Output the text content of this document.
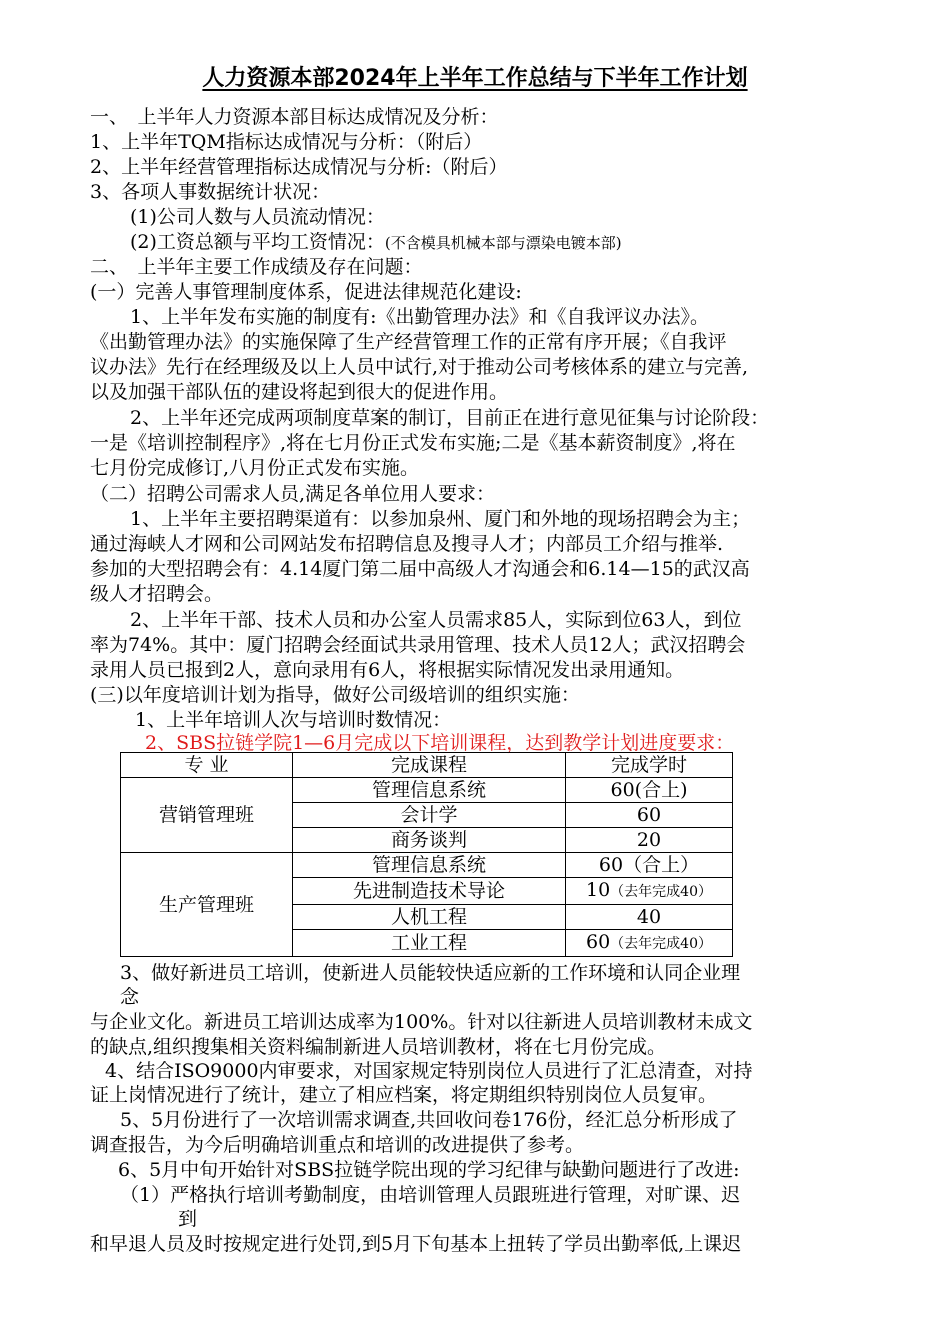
人力资源本部2024年上半年工作总结与下半年工作计划
一、　上半年人力资源本部目标达成情况及分析：
1、上半年TQM指标达成情况与分析：（附后）
2、上半年经营管理指标达成情况与分析:（附后）
3、各项人事数据统计状况：
(1)公司人数与人员流动情况：
(2)工资总额与平均工资情况：(不含模具机械本部与漂染电镀本部)
二、　上半年主要工作成绩及存在问题：
(一）完善人事管理制度体系，促进法律规范化建设:
1、上半年发布实施的制度有:《出勤管理办法》和《自我评议办法》。
《出勤管理办法》的实施保障了生产经营管理工作的正常有序开展；《自我评
议办法》先行在经理级及以上人员中试行,对于推动公司考核体系的建立与完善,
以及加强干部队伍的建设将起到很大的促进作用。
2、上半年还完成两项制度草案的制订，目前正在进行意见征集与讨论阶段：
一是《培训控制程序》,将在七月份正式发布实施;二是《基本薪资制度》,将在
七月份完成修订,八月份正式发布实施。
（二）招聘公司需求人员,满足各单位用人要求：
1、上半年主要招聘渠道有：以参加泉州、厦门和外地的现场招聘会为主；
通过海峡人才网和公司网站发布招聘信息及搜寻人才；内部员工介绍与推举.
参加的大型招聘会有：4.14厦门第二届中高级人才沟通会和6.14—15的武汉高
级人才招聘会。
2、上半年干部、技术人员和办公室人员需求85人，实际到位63人，到位
率为74%。其中：厦门招聘会经面试共录用管理、技术人员12人；武汉招聘会
录用人员已报到2人，意向录用有6人，将根据实际情况发出录用通知。
(三)以年度培训计划为指导，做好公司级培训的组织实施：
1、上半年培训人次与培训时数情况：
2、SBS拉链学院1—6月完成以下培训课程，达到教学计划进度要求：
专 业	完成课程	完成学时
营销管理班	管理信息系统	60(合上)
	会计学	60
	商务谈判	20
生产管理班	管理信息系统	60（合上）
	先进制造技术导论	10（去年完成40）
	人机工程	40
	工业工程	60（去年完成40）
3、做好新进员工培训，使新进人员能较快适应新的工作环境和认同企业理
念
与企业文化。新进员工培训达成率为100%。针对以往新进人员培训教材未成文
的缺点,组织搜集相关资料编制新进人员培训教材，将在七月份完成。
4、结合ISO9000内审要求，对国家规定特别岗位人员进行了汇总清查，对持
证上岗情况进行了统计，建立了相应档案，将定期组织特别岗位人员复审。
5、5月份进行了一次培训需求调查,共回收问卷176份，经汇总分析形成了
调查报告，为今后明确培训重点和培训的改进提供了参考。
6、5月中旬开始针对SBS拉链学院出现的学习纪律与缺勤问题进行了改进:
（1）严格执行培训考勤制度，由培训管理人员跟班进行管理，对旷课、迟
到
和早退人员及时按规定进行处罚,到5月下旬基本上扭转了学员出勤率低,上课迟
